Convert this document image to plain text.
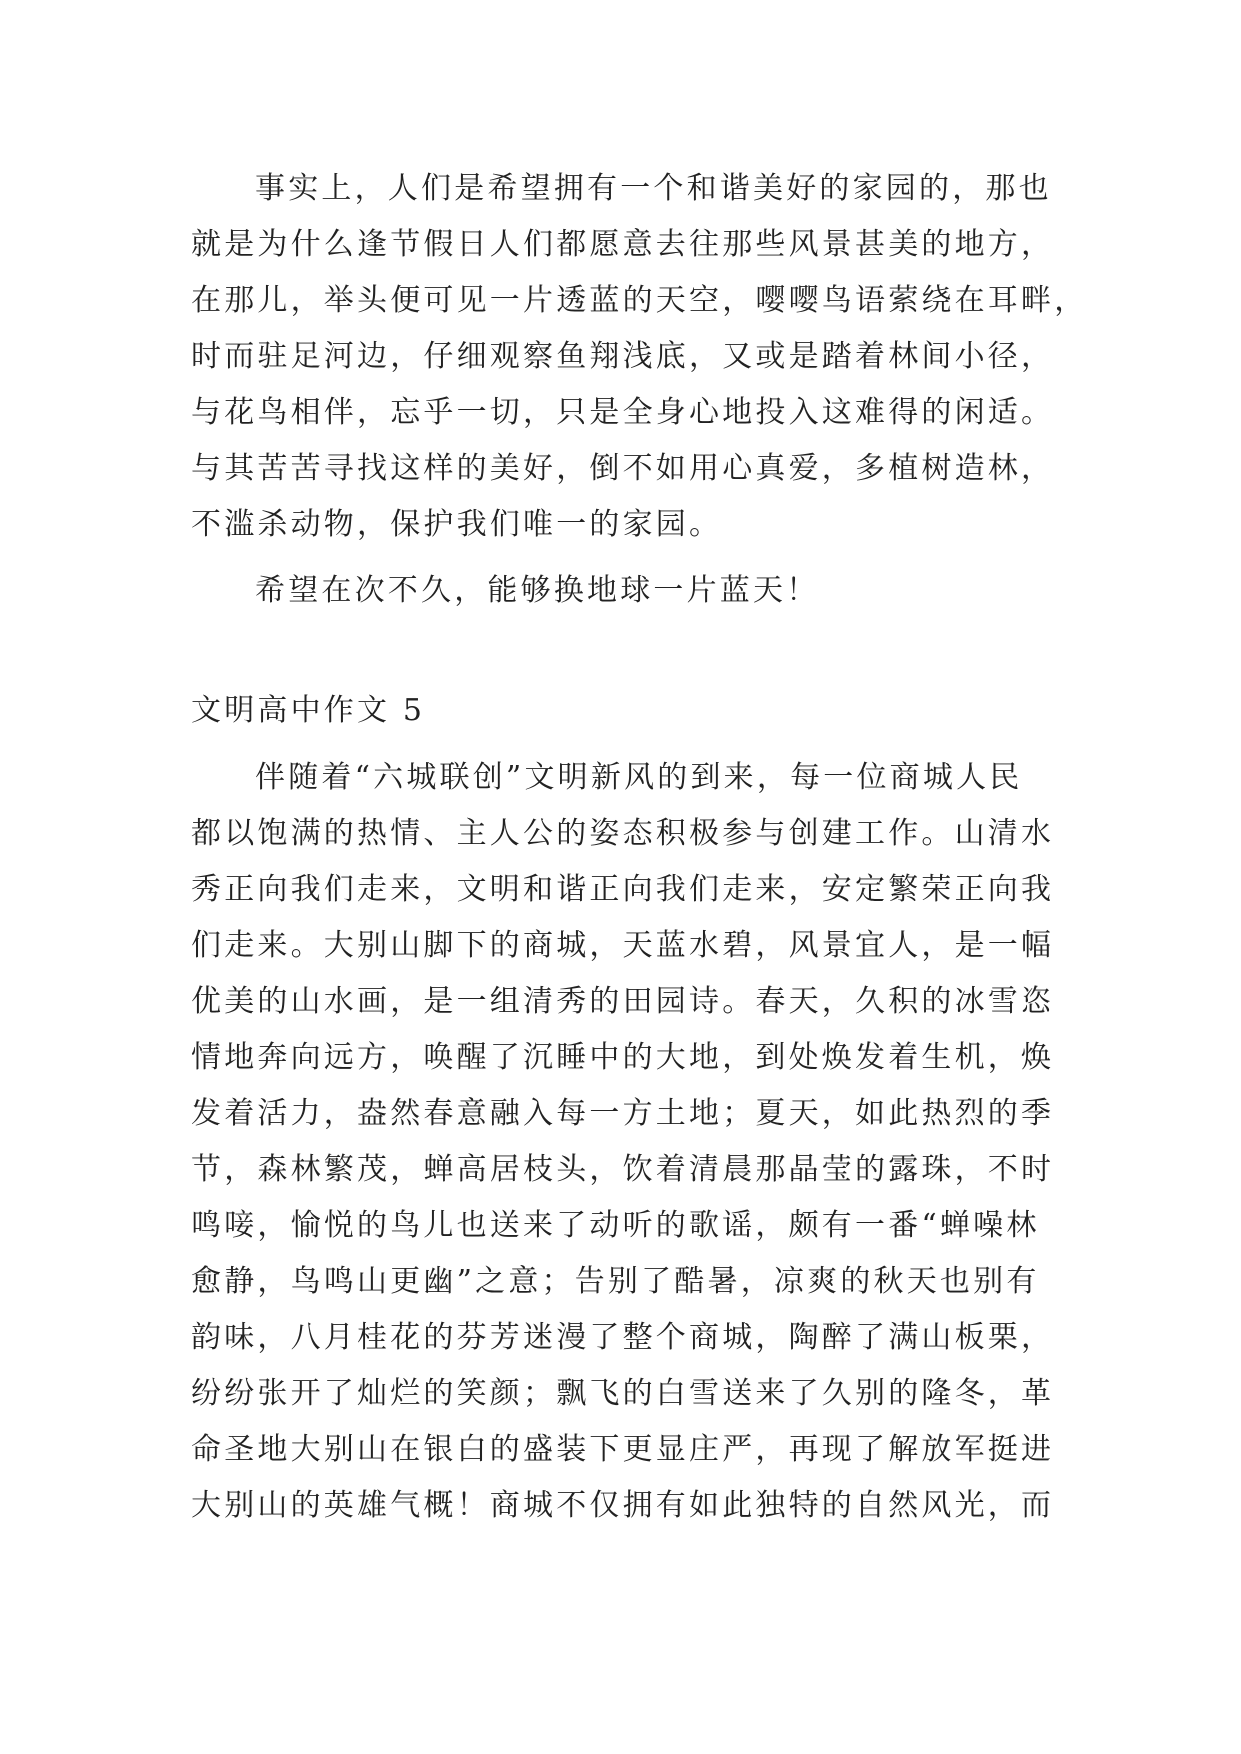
事实上，人们是希望拥有一个和谐美好的家园的，那也

就是为什么逢节假日人们都愿意去往那些风景甚美的地方，

在那儿，举头便可见一片透蓝的天空，嘤嘤鸟语萦绕在耳畔，

时而驻足河边，仔细观察鱼翔浅底，又或是踏着林间小径，

与花鸟相伴，忘乎一切，只是全身心地投入这难得的闲适。

与其苦苦寻找这样的美好，倒不如用心真爱，多植树造林，

不滥杀动物，保护我们唯一的家园。

希望在次不久，能够换地球一片蓝天！

文明高中作文 5

伴随着“六城联创”文明新风的到来，每一位商城人民

都以饱满的热情、主人公的姿态积极参与创建工作。山清水

秀正向我们走来，文明和谐正向我们走来，安定繁荣正向我

们走来。大别山脚下的商城，天蓝水碧，风景宜人，是一幅

优美的山水画，是一组清秀的田园诗。春天，久积的冰雪恣

情地奔向远方，唤醒了沉睡中的大地，到处焕发着生机，焕

发着活力，盎然春意融入每一方土地；夏天，如此热烈的季

节，森林繁茂，蝉高居枝头，饮着清晨那晶莹的露珠，不时

鸣唼，愉悦的鸟儿也送来了动听的歌谣，颇有一番“蝉噪林

愈静，鸟鸣山更幽”之意；告别了酷暑，凉爽的秋天也别有

韵味，八月桂花的芬芳迷漫了整个商城，陶醉了满山板栗，

纷纷张开了灿烂的笑颜；飘飞的白雪送来了久别的隆冬，革

命圣地大别山在银白的盛装下更显庄严，再现了解放军挺进

大别山的英雄气概！商城不仅拥有如此独特的自然风光，而
